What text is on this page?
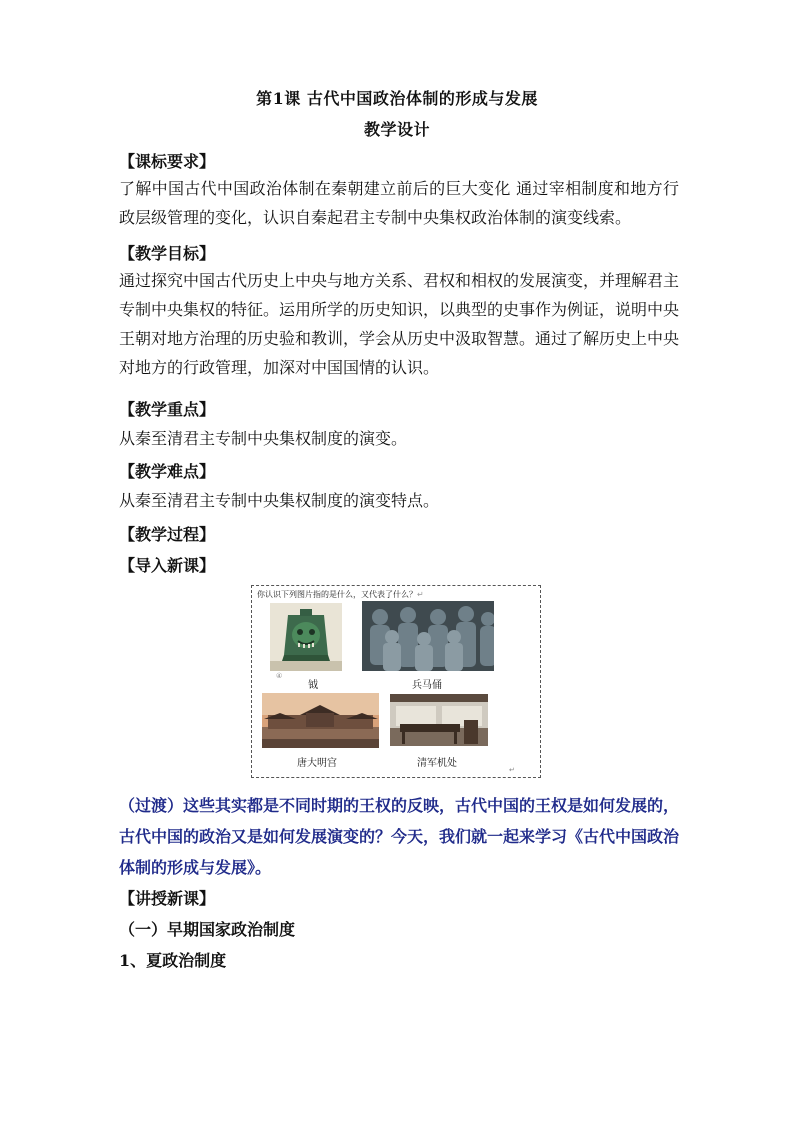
第1课 古代中国政治体制的形成与发展
教学设计
【课标要求】
了解中国古代中国政治体制在秦朝建立前后的巨大变化 通过宰相制度和地方行政层级管理的变化，认识自秦起君主专制中央集权政治体制的演变线索。
【教学目标】
通过探究中国古代历史上中央与地方关系、君权和相权的发展演变，并理解君主专制中央集权的特征。运用所学的历史知识，以典型的史事作为例证，说明中央王朝对地方治理的历史验和教训，学会从历史中汲取智慧。通过了解历史上中央对地方的行政管理，加深对中国国情的认识。
【教学重点】
从秦至清君主专制中央集权制度的演变。
【教学难点】
从秦至清君主专制中央集权制度的演变特点。
【教学过程】
【导入新课】
你认识下列图片指的是什么，又代表了什么？↵
④
钺	兵马俑
唐大明宫	清军机处
↵
（过渡）这些其实都是不同时期的王权的反映，古代中国的王权是如何发展的，古代中国的政治又是如何发展演变的？今天，我们就一起来学习《古代中国政治体制的形成与发展》。
【讲授新课】
（一）早期国家政治制度
1、夏政治制度
